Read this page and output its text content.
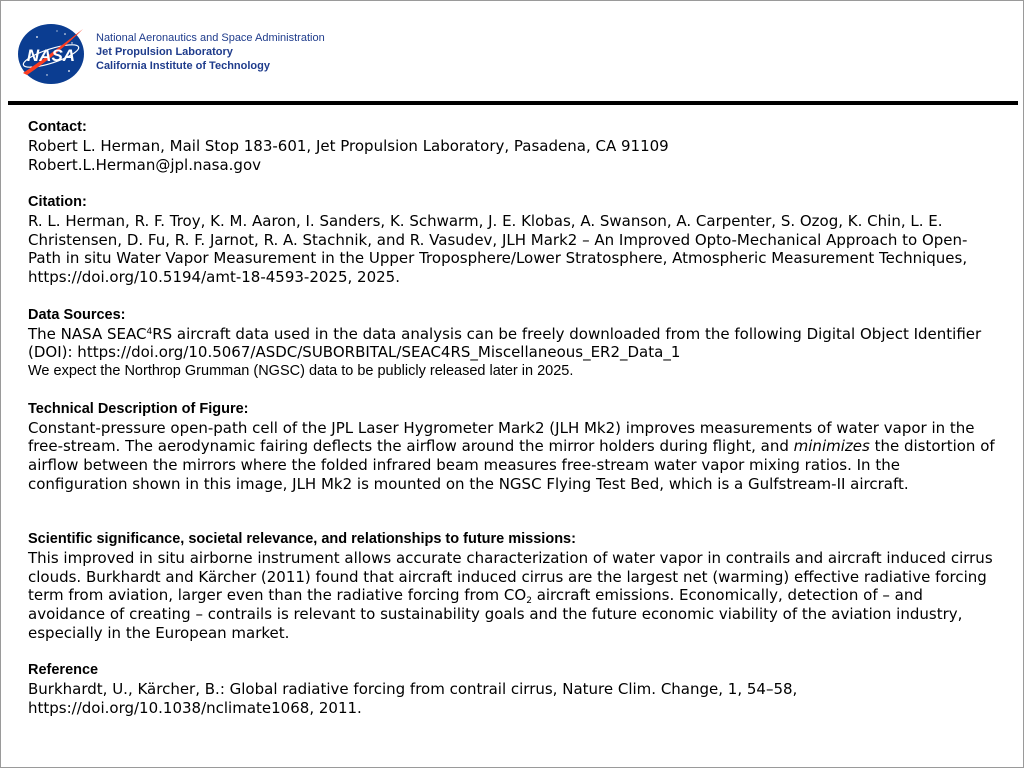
NASA
National Aeronautics and Space Administration
Jet Propulsion Laboratory
California Institute of Technology
Contact:
Robert L. Herman, Mail Stop 183-601, Jet Propulsion Laboratory, Pasadena, CA 91109
Robert.L.Herman@jpl.nasa.gov
Citation:
R. L. Herman, R. F. Troy, K. M. Aaron, I. Sanders, K. Schwarm, J. E. Klobas, A. Swanson, A. Carpenter, S. Ozog, K. Chin, L. E. Christensen, D. Fu, R. F. Jarnot, R. A. Stachnik, and R. Vasudev, JLH Mark2 – An Improved Opto-Mechanical Approach to Open-Path in situ Water Vapor Measurement in the Upper Troposphere/Lower Stratosphere, Atmospheric Measurement Techniques, https://doi.org/10.5194/amt-18-4593-2025, 2025.
Data Sources:
The NASA SEAC$^4$RS aircraft data used in the data analysis can be freely downloaded from the following Digital Object Identifier (DOI): https://doi.org/10.5067/ASDC/SUBORBITAL/SEAC4RS_Miscellaneous_ER2_Data_1
We expect the Northrop Grumman (NGSC) data to be publicly released later in 2025.
Technical Description of Figure:
Constant-pressure open-path cell of the JPL Laser Hygrometer Mark2 (JLH Mk2) improves measurements of water vapor in the free-stream. The aerodynamic fairing deflects the airflow around the mirror holders during flight, and minimizes the distortion of airflow between the mirrors where the folded infrared beam measures free-stream water vapor mixing ratios. In the configuration shown in this image, JLH Mk2 is mounted on the NGSC Flying Test Bed, which is a Gulfstream-II aircraft.
Scientific significance, societal relevance, and relationships to future missions:
This improved in situ airborne instrument allows accurate characterization of water vapor in contrails and aircraft induced cirrus clouds. Burkhardt and Kärcher (2011) found that aircraft induced cirrus are the largest net (warming) effective radiative forcing term from aviation, larger even than the radiative forcing from $CO_2$ aircraft emissions. Economically, detection of – and avoidance of creating – contrails is relevant to sustainability goals and the future economic viability of the aviation industry, especially in the European market.
Reference
Burkhardt, U., Kärcher, B.: Global radiative forcing from contrail cirrus, Nature Clim. Change, 1, 54–58, https://doi.org/10.1038/nclimate1068, 2011.
